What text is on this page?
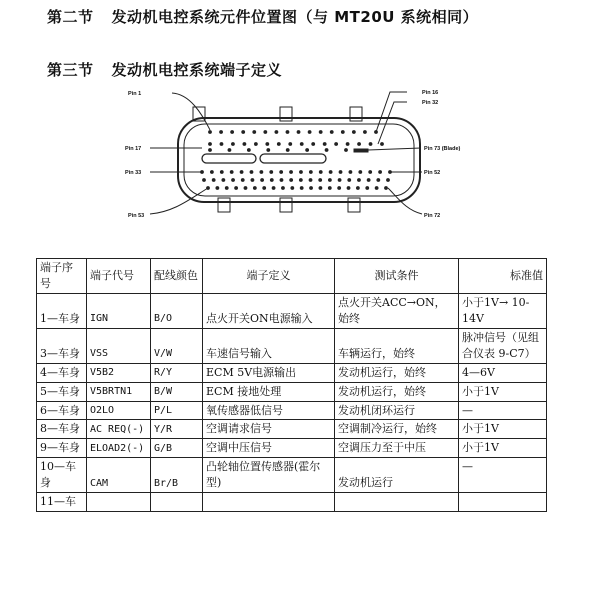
第二节 发动机电控系统元件位置图（与 MT20U 系统相同）
第三节 发动机电控系统端子定义
Pin 1	Pin 16
Pin 32
Pin 17	Pin 73 (Blade)
Pin 33	Pin 52
Pin 53	Pin 72
端子序号	端子代号	配线颜色	端子定义	测试条件	标准值
1—车身	IGN	B/O	点火开关ON电源输入	点火开关ACC→ON，始终	小于1V→ 10-14V
3—车身	VSS	V/W	车速信号输入	车辆运行，始终	脉冲信号（见组合仪表 9-C7）
4—车身	V5B2	R/Y	ECM 5V电源输出	发动机运行，始终	4—6V
5—车身	V5BRTN1	B/W	ECM 接地处理	发动机运行，始终	小于1V
6—车身	O2LO	P/L	氧传感器低信号	发动机闭环运行	—
8—车身	AC REQ(-)	Y/R	空调请求信号	空调制冷运行，始终	小于1V
9—车身	ELOAD2(-)	G/B	空调中压信号	空调压力至于中压	小于1V
10—车身	CAM	Br/B	凸轮轴位置传感器(霍尔型)	发动机运行	—
11—车					
